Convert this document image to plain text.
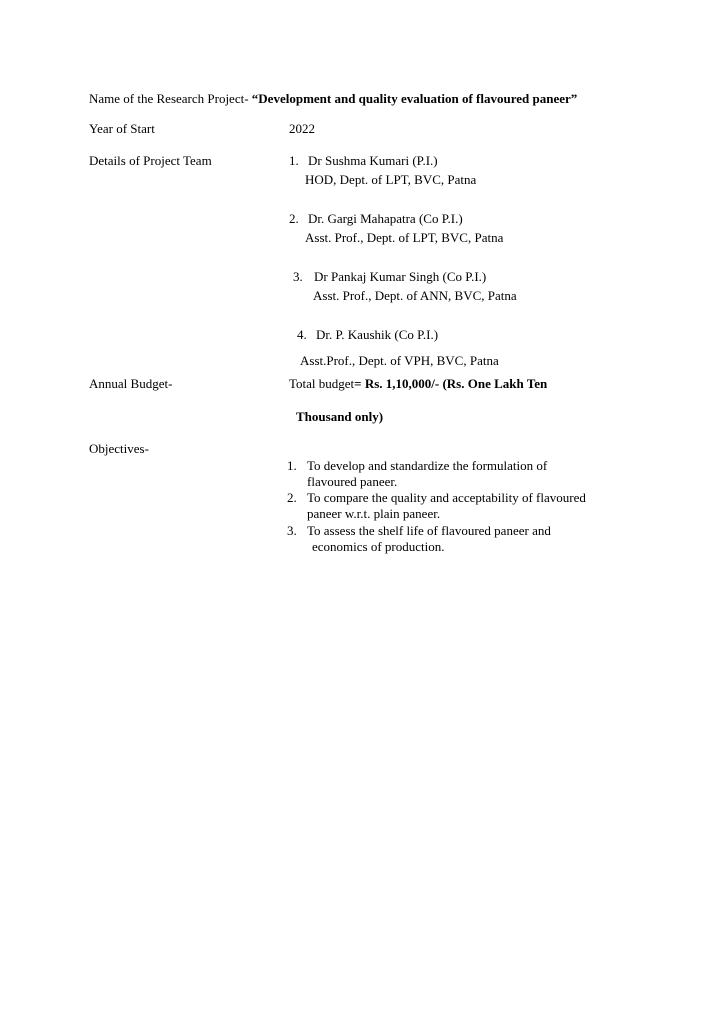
Name of the Research Project- “Development and quality evaluation of flavoured paneer”
Year of Start	2022
Details of Project Team	1. Dr Sushma Kumari (P.I.)
HOD, Dept. of LPT, BVC, Patna
2. Dr. Gargi Mahapatra (Co P.I.)
Asst. Prof., Dept. of LPT, BVC, Patna
3. Dr Pankaj Kumar Singh (Co P.I.)
Asst. Prof., Dept. of ANN, BVC, Patna
4. Dr. P. Kaushik (Co P.I.)
Asst.Prof., Dept. of VPH, BVC, Patna
Annual Budget-	Total budget= Rs. 1,10,000/- (Rs. One Lakh Ten
Thousand only)
Objectives-
1. To develop and standardize the formulation of
flavoured paneer.
2. To compare the quality and acceptability of flavoured
paneer w.r.t. plain paneer.
3. To assess the shelf life of flavoured paneer and
economics of production.
